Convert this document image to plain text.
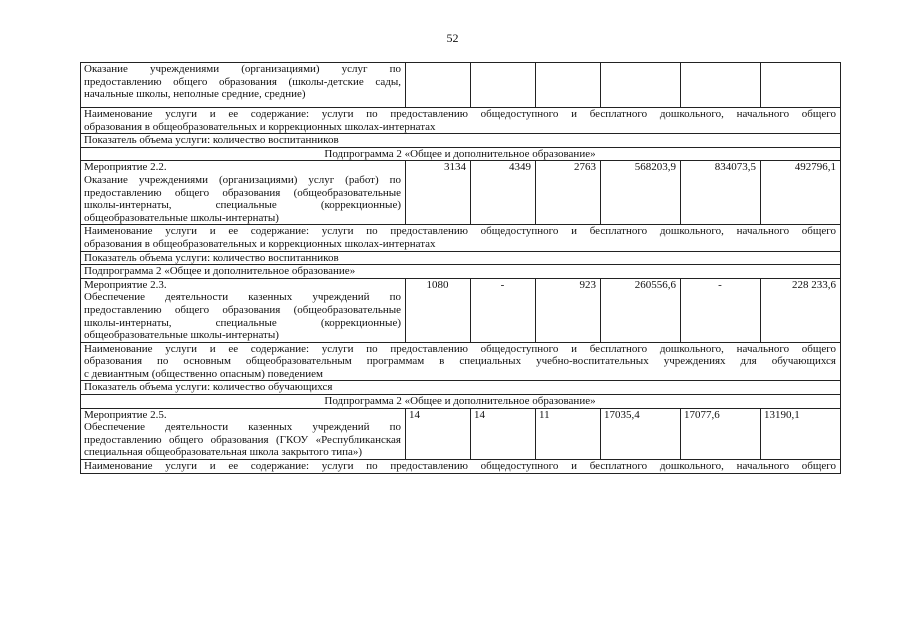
52
Оказание учреждениями (организациями) услуг по предоставлению общего образования (школы-детские сады, начальные школы, неполные средние, средние)						

Наименование услуги и ее содержание: услуги по предоставлению общедоступного и бесплатного дошкольного, начального общего
образования в общеобразовательных и коррекционных школах-интернатах						

Показатель объема услуги: количество воспитанников						
Подпрограмма 2 «Общее и дополнительное образование»						

Мероприятие 2.2.
Оказание учреждениями (организациями) услуг (работ) по предоставлению общего образования (общеобразовательные школы-интернаты, специальные (коррекционные) общеобразовательные школы-интернаты)	3134	4349	2763	568203,9	834073,5	492796,1

Наименование услуги и ее содержание: услуги по предоставлению общедоступного и бесплатного дошкольного, начального общего
образования в общеобразовательных и коррекционных школах-интернатах						

Показатель объема услуги: количество воспитанников						
Подпрограмма 2 «Общее и дополнительное образование»						

Мероприятие 2.3.
Обеспечение деятельности казенных учреждений по предоставлению общего образования (общеобразовательные школы-интернаты, специальные (коррекционные) общеобразовательные школы-интернаты)	1080	-	923	260556,6	-	228 233,6

Наименование услуги и ее содержание: услуги по предоставлению общедоступного и бесплатного дошкольного, начального общего
образования по основным общеобразовательным программам в специальных учебно-воспитательных учреждениях для обучающихся
с девиантным (общественно опасным) поведением						

Показатель объема услуги: количество обучающихся						
Подпрограмма 2 «Общее и дополнительное образование»						

Мероприятие 2.5.
Обеспечение деятельности казенных учреждений по предоставлению общего образования (ГКОУ «Республиканская специальная общеобразовательная школа закрытого типа»)	14	14	11	17035,4	17077,6	13190,1

Наименование услуги и ее содержание: услуги по предоставлению общедоступного и бесплатного дошкольного, начального общего						
